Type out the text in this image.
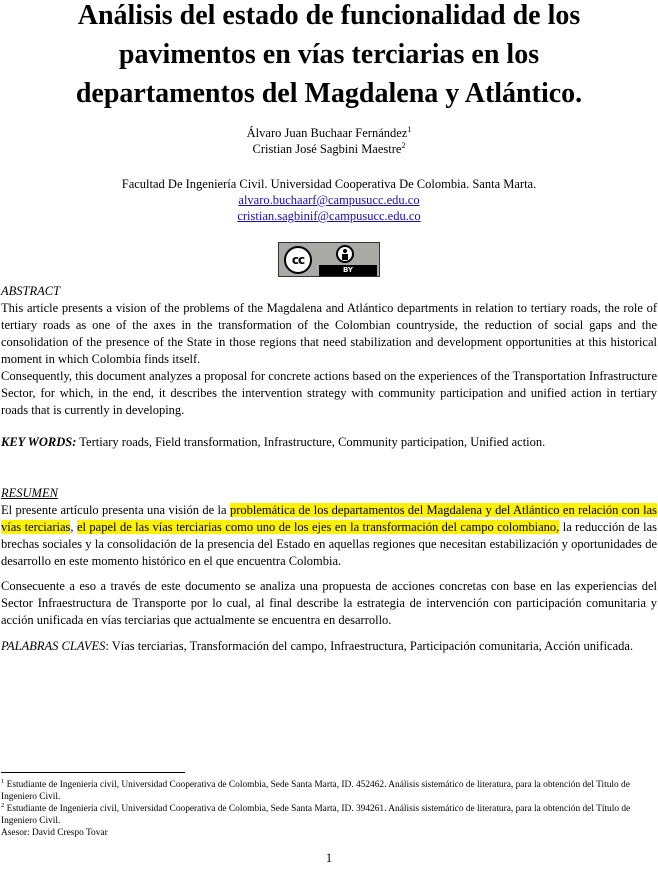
Análisis del estado de funcionalidad de los
pavimentos en vías terciarias en los
departamentos del Magdalena y Atlántico.
Álvaro Juan Buchaar Fernández$^1$
Cristian José Sagbini Maestre$^2$
Facultad De Ingeniería Civil. Universidad Cooperativa De Colombia. Santa Marta.
alvaro.buchaarf@campusucc.edu.co
cristian.sagbinif@campusucc.edu.co
cc
BY
ABSTRACT

This article presents a vision of the problems of the Magdalena and Atlántico departments in relation to tertiary roads, the role of tertiary roads as one of the axes in the transformation of the Colombian countryside, the reduction of social gaps and the consolidation of the presence of the State in those regions that need stabilization and development opportunities at this historical moment in which Colombia finds itself.

Consequently, this document analyzes a proposal for concrete actions based on the experiences of the Transportation Infrastructure Sector, for which, in the end, it describes the intervention strategy with community participation and unified action in tertiary roads that is currently in developing.

KEY WORDS: Tertiary roads, Field transformation, Infrastructure, Community participation, Unified action.
RESUMEN

El presente artículo presenta una visión de la problemática de los departamentos del Magdalena y del Atlántico en relación con las vías terciarias, el papel de las vías terciarias como uno de los ejes en la transformación del campo colombiano, la reducción de las brechas sociales y la consolidación de la presencia del Estado en aquellas regiones que necesitan estabilización y oportunidades de desarrollo en este momento histórico en el que encuentra Colombia.

Consecuente a eso a través de este documento se analiza una propuesta de acciones concretas con base en las experiencias del Sector Infraestructura de Transporte por lo cual, al final describe la estrategia de intervención con participación comunitaria y acción unificada en vías terciarias que actualmente se encuentra en desarrollo.
PALABRAS CLAVES: Vías terciarias, Transformación del campo, Infraestructura, Participación comunitaria, Acción unificada.
$^1$ Estudiante de Ingeniería civil, Universidad Cooperativa de Colombia, Sede Santa Marta, ID. 452462. Análisis sistemático de literatura, para la obtención del Titulo de Ingeniero Civil.
$^2$ Estudiante de Ingeniería civil, Universidad Cooperativa de Colombia, Sede Santa Marta, ID. 394261. Análisis sistemático de literatura, para la obtención del Título de Ingeniero Civil.
Asesor: David Crespo Tovar
1
